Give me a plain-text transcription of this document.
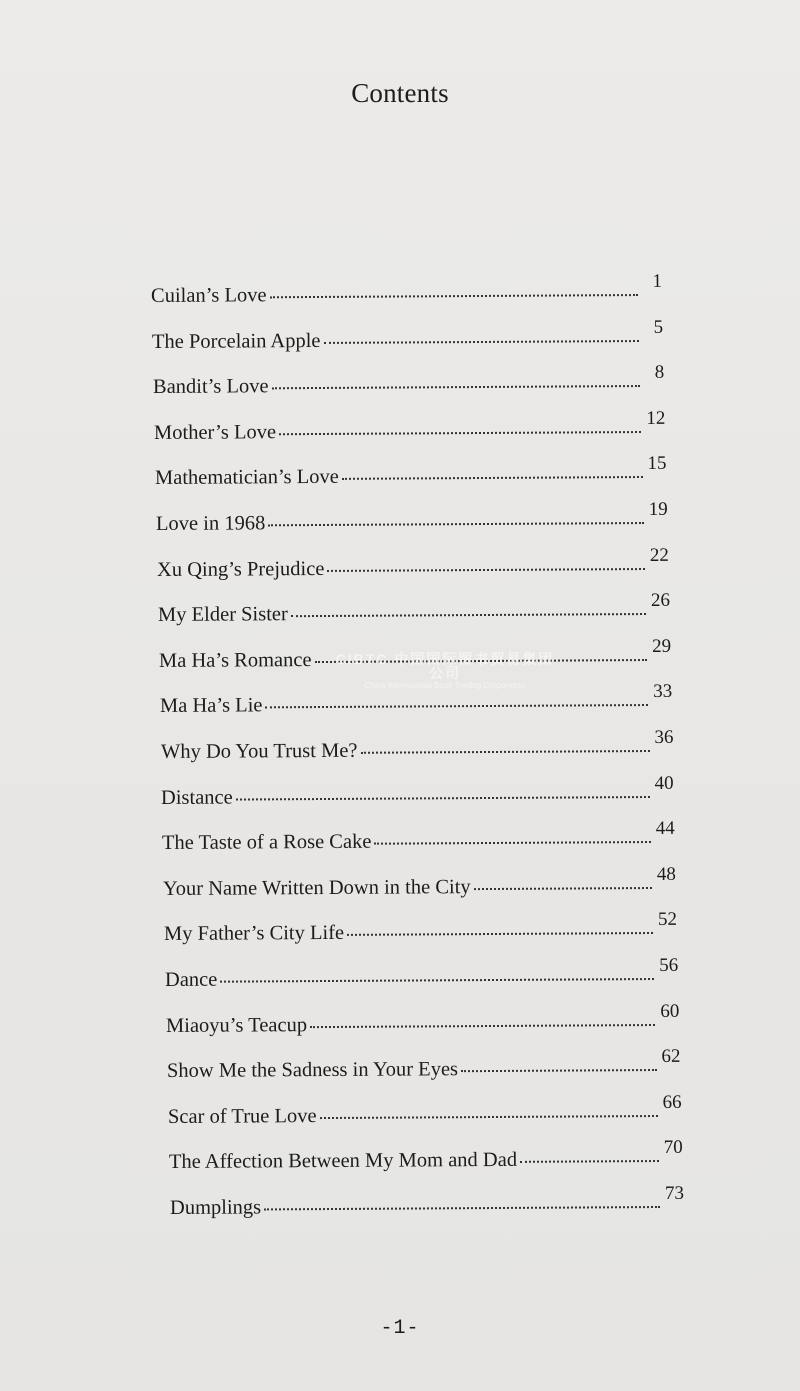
Contents
Cuilan’s Love
1
The Porcelain Apple
5
Bandit’s Love
8
Mother’s Love
12
Mathematician’s Love
15
Love in 1968
19
Xu Qing’s Prejudice
22
My Elder Sister
26
Ma Ha’s Romance
29
Ma Ha’s Lie
33
Why Do You Trust Me?
36
Distance
40
The Taste of a Rose Cake
44
Your Name Written Down in the City
48
My Father’s City Life
52
Dance
56
Miaoyu’s Teacup
60
Show Me the Sadness in Your Eyes
62
Scar of True Love
66
The Affection Between My Mom and Dad
70
Dumplings
73
CIBTC 中国国际图书贸易集团公司
China International Book Trading Corporation
-1-
